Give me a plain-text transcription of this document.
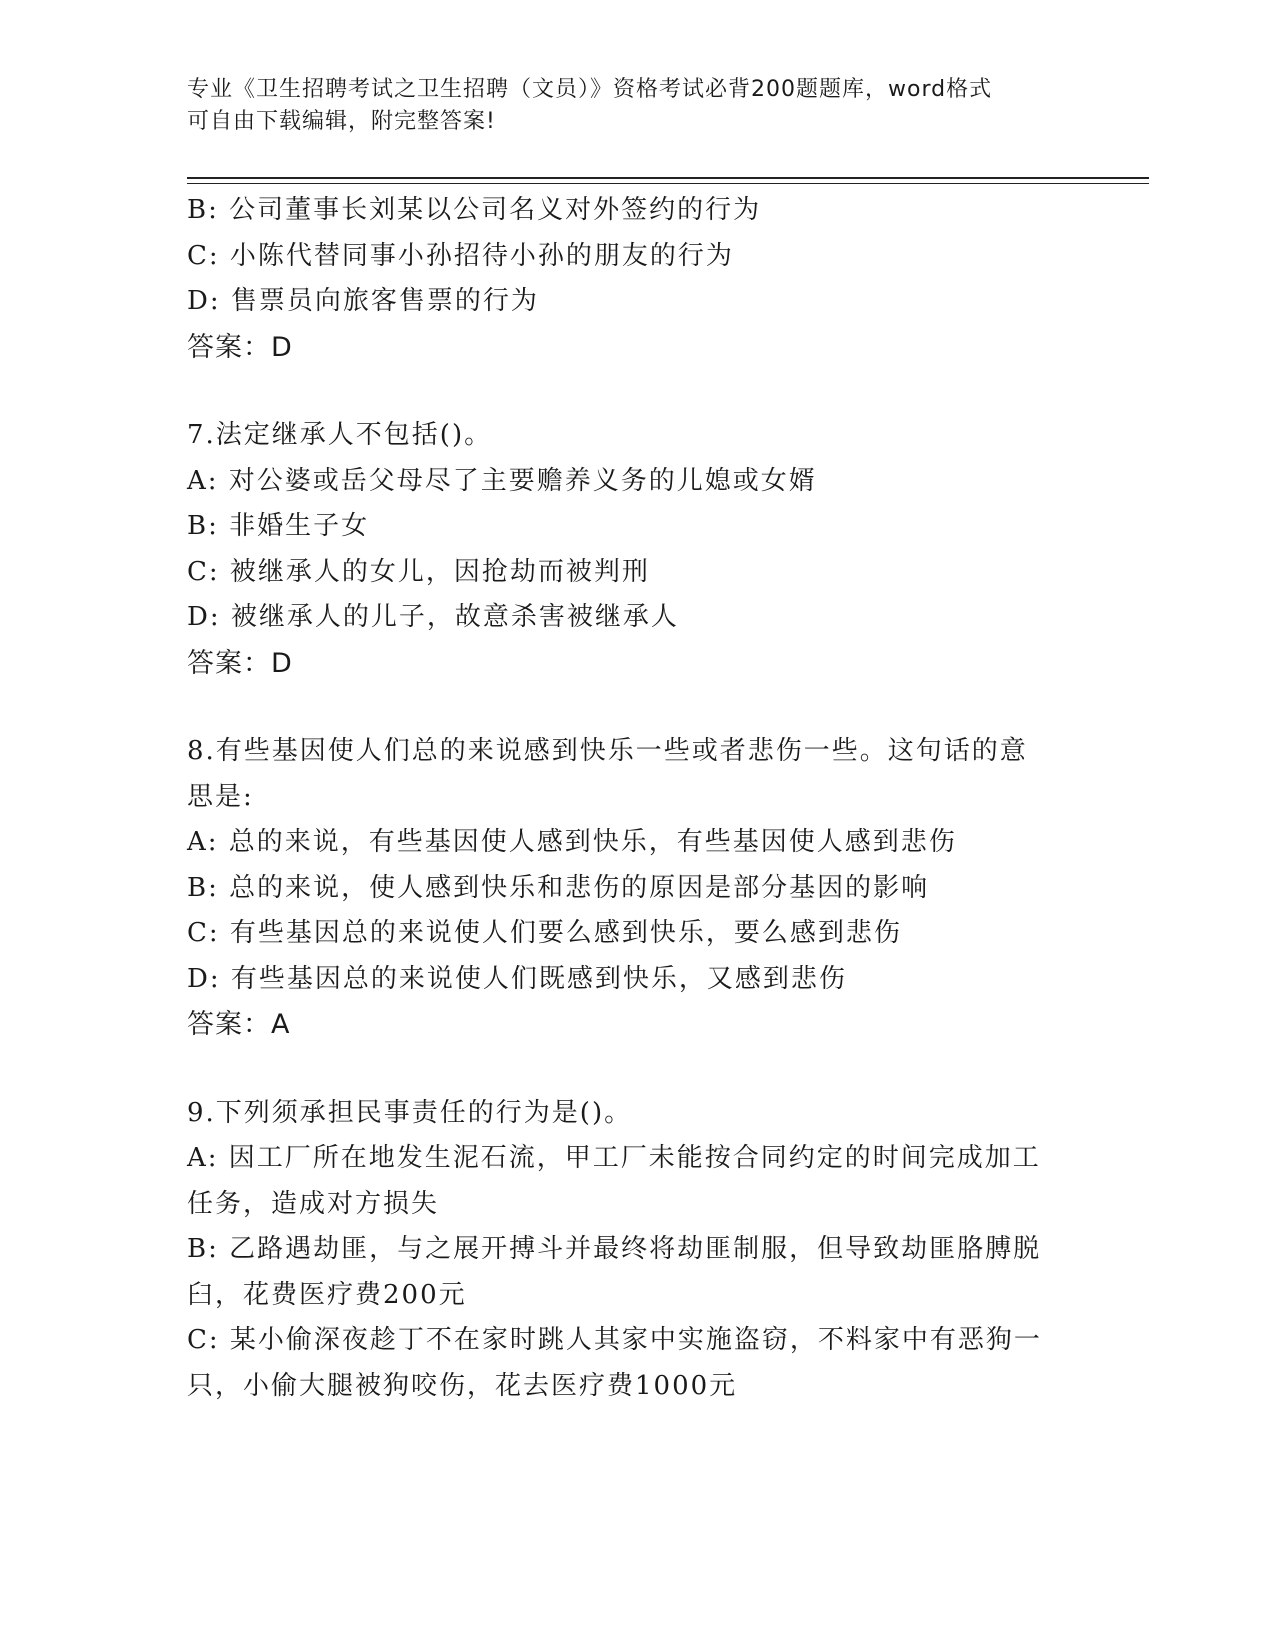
专业《卫生招聘考试之卫生招聘（文员）》资格考试必背200题题库，word格式
可自由下载编辑，附完整答案!
B: 公司董事长刘某以公司名义对外签约的行为
C: 小陈代替同事小孙招待小孙的朋友的行为
D: 售票员向旅客售票的行为
答案：D
7.法定继承人不包括()。
A: 对公婆或岳父母尽了主要赡养义务的儿媳或女婿
B: 非婚生子女
C: 被继承人的女儿，因抢劫而被判刑
D: 被继承人的儿子，故意杀害被继承人
答案：D
8.有些基因使人们总的来说感到快乐一些或者悲伤一些。这句话的意
思是:
A: 总的来说，有些基因使人感到快乐，有些基因使人感到悲伤
B: 总的来说，使人感到快乐和悲伤的原因是部分基因的影响
C: 有些基因总的来说使人们要么感到快乐，要么感到悲伤
D: 有些基因总的来说使人们既感到快乐，又感到悲伤
答案：A
9.下列须承担民事责任的行为是()。
A: 因工厂所在地发生泥石流，甲工厂未能按合同约定的时间完成加工
任务，造成对方损失
B: 乙路遇劫匪，与之展开搏斗并最终将劫匪制服，但导致劫匪胳膊脱
臼，花费医疗费200元
C: 某小偷深夜趁丁不在家时跳人其家中实施盗窃，不料家中有恶狗一
只，小偷大腿被狗咬伤，花去医疗费1000元
